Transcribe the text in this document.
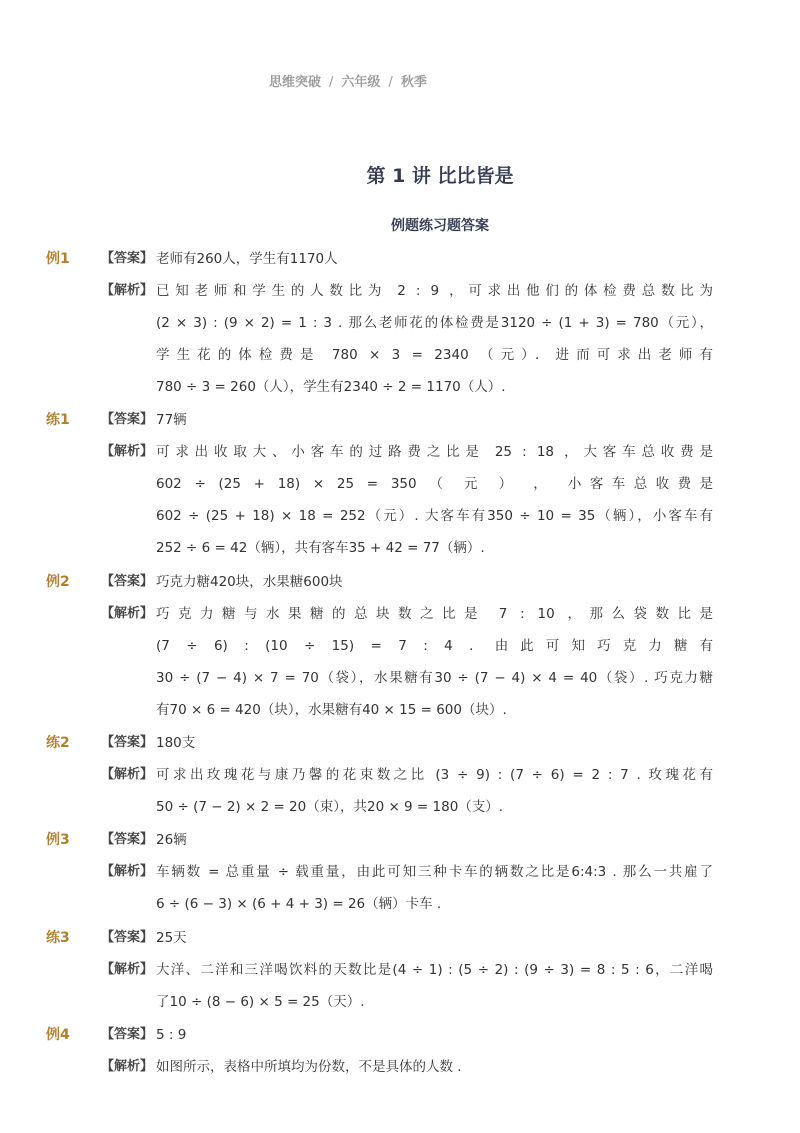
思维突破 / 六年级 / 秋季
第 1 讲 比比皆是
例题练习题答案
例1 【答案】 老师有260人，学生有1170人
【解析】 已知老师和学生的人数比为 2 : 9 ，可求出他们的体检费总数比为
(2 × 3) : (9 × 2) = 1 : 3 . 那么老师花的体检费是3120 ÷ (1 + 3) = 780（元），
学生花的体检费是 780 × 3 = 2340 （元）．进而可求出老师有
780 ÷ 3 = 260（人），学生有2340 ÷ 2 = 1170（人）.
练1 【答案】 77辆
【解析】 可求出收取大、小客车的过路费之比是 25 : 18 ，大客车总收费是
602 ÷ (25 + 18) × 25 = 350 （ 元 ） ， 小客车总收费是
602 ÷ (25 + 18) × 18 = 252（元）. 大客车有350 ÷ 10 = 35（辆），小客车有
252 ÷ 6 = 42（辆），共有客车35 + 42 = 77（辆）.
例2 【答案】 巧克力糖420块，水果糖600块
【解析】 巧克力糖与水果糖的总块数之比是 7 : 10 ，那么袋数比是
(7 ÷ 6) : (10 ÷ 15) = 7 : 4 ．由此可知巧克力糖有
30 ÷ (7 − 4) × 7 = 70（袋），水果糖有30 ÷ (7 − 4) × 4 = 40（袋）. 巧克力糖
有70 × 6 = 420（块），水果糖有40 × 15 = 600（块）.
练2 【答案】 180支
【解析】 可求出玫瑰花与康乃馨的花束数之比 (3 ÷ 9) : (7 ÷ 6) = 2 : 7 . 玫瑰花有
50 ÷ (7 − 2) × 2 = 20（束），共20 × 9 = 180（支）.
例3 【答案】 26辆
【解析】 车辆数 = 总重量 ÷ 载重量，由此可知三种卡车的辆数之比是6:4:3 . 那么一共雇了
6 ÷ (6 − 3) × (6 + 4 + 3) = 26（辆）卡车 .
练3 【答案】 25天
【解析】 大洋、二洋和三洋喝饮料的天数比是(4 ÷ 1) : (5 ÷ 2) : (9 ÷ 3) = 8 : 5 : 6，二洋喝
了10 ÷ (8 − 6) × 5 = 25（天）.
例4 【答案】 5 : 9
【解析】 如图所示，表格中所填均为份数，不是具体的人数 .
